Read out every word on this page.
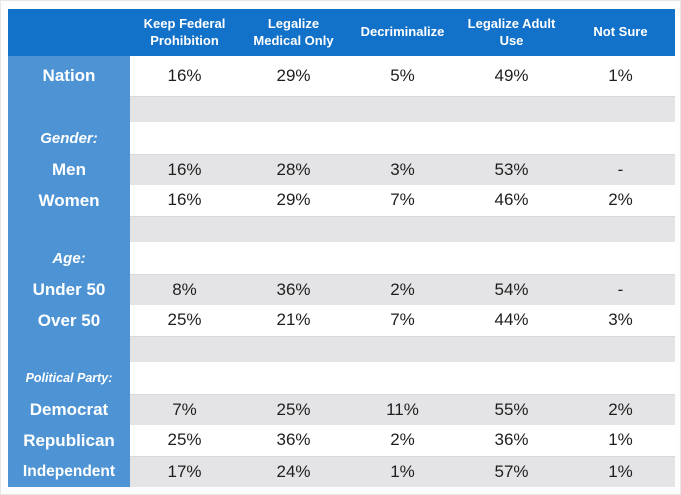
	Keep Federal Prohibition	Legalize Medical Only	Decriminalize	Legalize Adult Use	Not Sure
Nation	16%	29%	5%	49%	1%

Gender:					
Men	16%	28%	3%	53%	-
Women	16%	29%	7%	46%	2%

Age:					
Under 50	8%	36%	2%	54%	-
Over 50	25%	21%	7%	44%	3%

Political Party:					
Democrat	7%	25%	11%	55%	2%
Republican	25%	36%	2%	36%	1%
Independent	17%	24%	1%	57%	1%
